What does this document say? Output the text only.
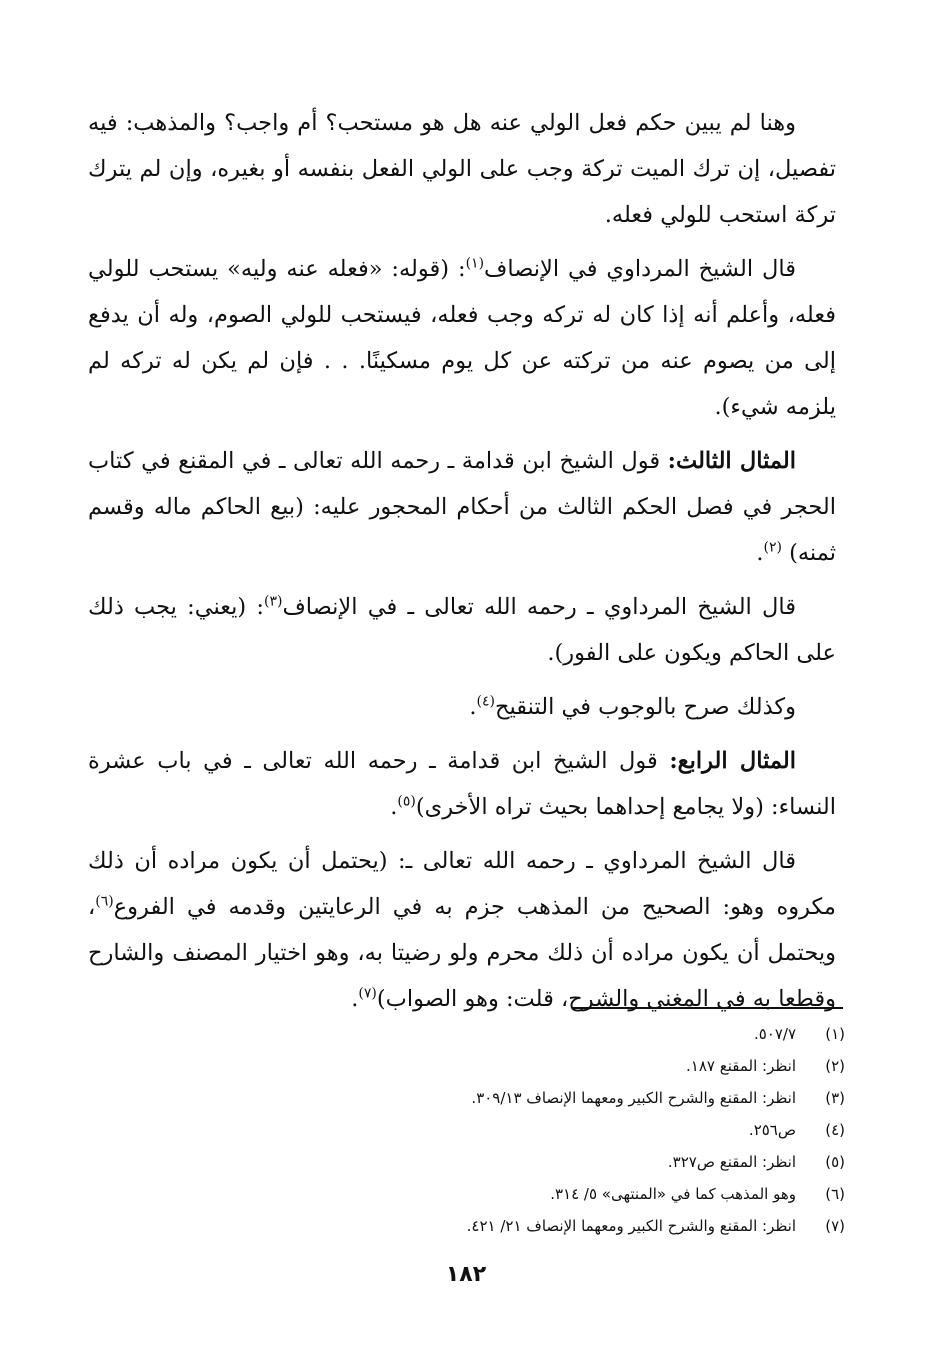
وهنا لم يبين حكم فعل الولي عنه هل هو مستحب؟ أم واجب؟ والمذهب: فيه تفصيل، إن ترك الميت تركة وجب على الولي الفعل بنفسه أو بغيره، وإن لم يترك تركة استحب للولي فعله.

قال الشيخ المرداوي في الإنصاف$^{(١)}$: (قوله: «فعله عنه وليه» يستحب للولي فعله، وأعلم أنه إذا كان له تركه وجب فعله، فيستحب للولي الصوم، وله أن يدفع إلى من يصوم عنه من تركته عن كل يوم مسكينًا. . . فإن لم يكن له تركه لم يلزمه شيء).

المثال الثالث: قول الشيخ ابن قدامة ـ رحمه الله تعالى ـ في المقنع في كتاب الحجر في فصل الحكم الثالث من أحكام المحجور عليه: (بيع الحاكم ماله وقسم ثمنه) $^{(٢)}$.

قال الشيخ المرداوي ـ رحمه الله تعالى ـ في الإنصاف$^{(٣)}$: (يعني: يجب ذلك على الحاكم ويكون على الفور).

وكذلك صرح بالوجوب في التنقيح$^{(٤)}$.

المثال الرابع: قول الشيخ ابن قدامة ـ رحمه الله تعالى ـ في باب عشرة النساء: (ولا يجامع إحداهما بحيث تراه الأخرى)$^{(٥)}$.

قال الشيخ المرداوي ـ رحمه الله تعالى ـ: (يحتمل أن يكون مراده أن ذلك مكروه وهو: الصحيح من المذهب جزم به في الرعايتين وقدمه في الفروع$^{(٦)}$، ويحتمل أن يكون مراده أن ذلك محرم ولو رضيتا به، وهو اختيار المصنف والشارح وقطعا به في المغني والشرح، قلت: وهو الصواب)$^{(٧)}$.

(١) ٥٠٧/٧.
(٢) انظر: المقنع ١٨٧.
(٣) انظر: المقنع والشرح الكبير ومعهما الإنصاف ٣٠٩/١٣.
(٤) ص٢٥٦.
(٥) انظر: المقنع ص٣٢٧.
(٦) وهو المذهب كما في «المنتهى» ٥/ ٣١٤.
(٧) انظر: المقنع والشرح الكبير ومعهما الإنصاف ٢١/ ٤٢١.
١٨٢
